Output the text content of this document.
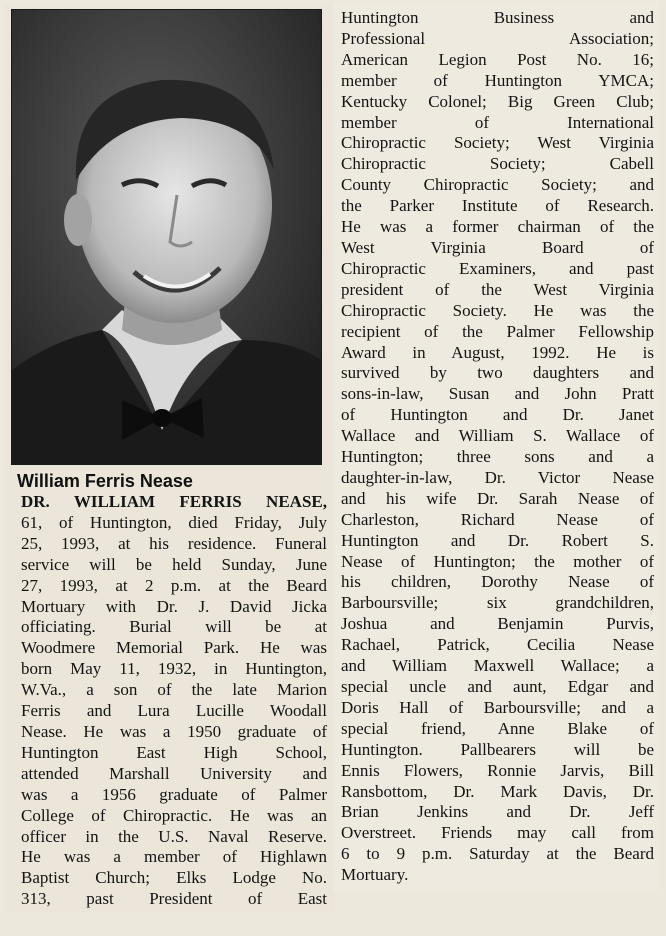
William Ferris Nease
DR. WILLIAM FERRIS NEASE,
61, of Huntington, died Friday, July
25, 1993, at his residence. Funeral
service will be held Sunday, June
27, 1993, at 2 p.m. at the Beard
Mortuary with Dr. J. David Jicka
officiating. Burial will be at
Woodmere Memorial Park. He was
born May 11, 1932, in Huntington,
W.Va., a son of the late Marion
Ferris and Lura Lucille Woodall
Nease. He was a 1950 graduate of
Huntington East High School,
attended Marshall University and
was a 1956 graduate of Palmer
College of Chiropractic. He was an
officer in the U.S. Naval Reserve.
He was a member of Highlawn
Baptist Church; Elks Lodge No.
313, past President of East
Huntington Business and
Professional Association;
American Legion Post No. 16;
member of Huntington YMCA;
Kentucky Colonel; Big Green Club;
member of International
Chiropractic Society; West Virginia
Chiropractic Society; Cabell
County Chiropractic Society; and
the Parker Institute of Research.
He was a former chairman of the
West Virginia Board of
Chiropractic Examiners, and past
president of the West Virginia
Chiropractic Society. He was the
recipient of the Palmer Fellowship
Award in August, 1992. He is
survived by two daughters and
sons-in-law, Susan and John Pratt
of Huntington and Dr. Janet
Wallace and William S. Wallace of
Huntington; three sons and a
daughter-in-law, Dr. Victor Nease
and his wife Dr. Sarah Nease of
Charleston, Richard Nease of
Huntington and Dr. Robert S.
Nease of Huntington; the mother of
his children, Dorothy Nease of
Barboursville; six grandchildren,
Joshua and Benjamin Purvis,
Rachael, Patrick, Cecilia Nease
and William Maxwell Wallace; a
special uncle and aunt, Edgar and
Doris Hall of Barboursville; and a
special friend, Anne Blake of
Huntington. Pallbearers will be
Ennis Flowers, Ronnie Jarvis, Bill
Ransbottom, Dr. Mark Davis, Dr.
Brian Jenkins and Dr. Jeff
Overstreet. Friends may call from
6 to 9 p.m. Saturday at the Beard
Mortuary.
